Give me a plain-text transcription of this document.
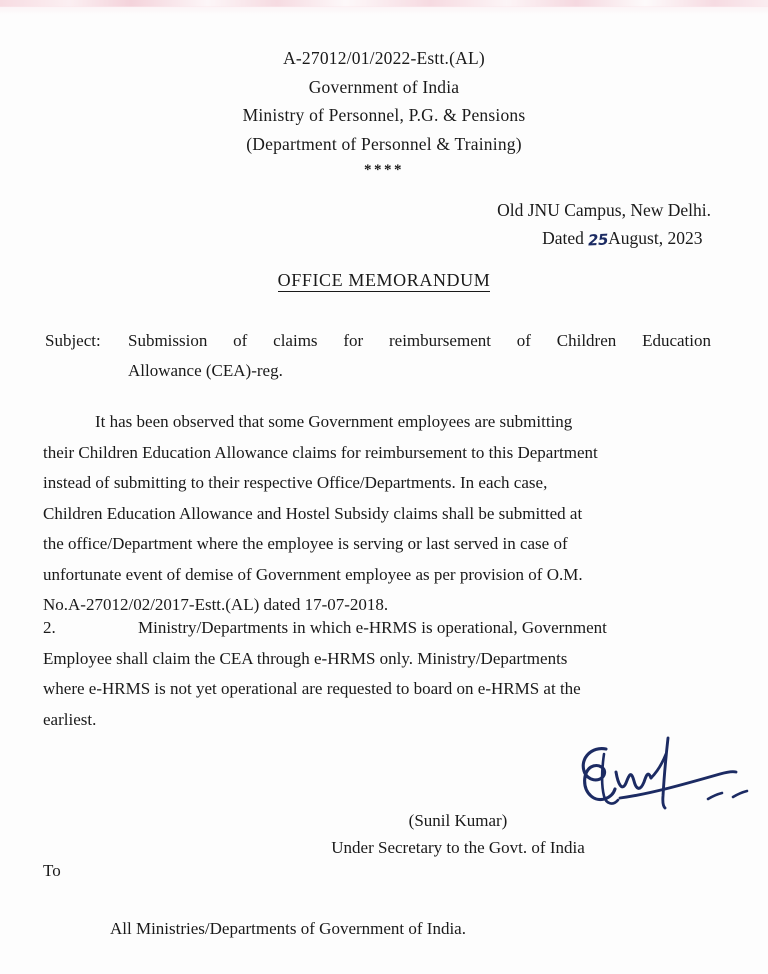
A-27012/01/2022-Estt.(AL)
Government of India
Ministry of Personnel, P.G. & Pensions
(Department of Personnel & Training)
****
Old JNU Campus, New Delhi.
Dated 25August, 2023
OFFICE MEMORANDUM
Subject:	Submission of claims for reimbursement of Children Education
Allowance (CEA)-reg.
It has been observed that some Government employees are submitting
their Children Education Allowance claims for reimbursement to this Department
instead of submitting to their respective Office/Departments. In each case,
Children Education Allowance and Hostel Subsidy claims shall be submitted at
the office/Department where the employee is serving or last served in case of
unfortunate event of demise of Government employee as per provision of O.M.
No.A-27012/02/2017-Estt.(AL) dated 17-07-2018.
2.	Ministry/Departments in which e-HRMS is operational, Government
Employee shall claim the CEA through e-HRMS only. Ministry/Departments
where e-HRMS is not yet operational are requested to board on e-HRMS at the
earliest.
(Sunil Kumar)
Under Secretary to the Govt. of India
To
All Ministries/Departments of Government of India.
